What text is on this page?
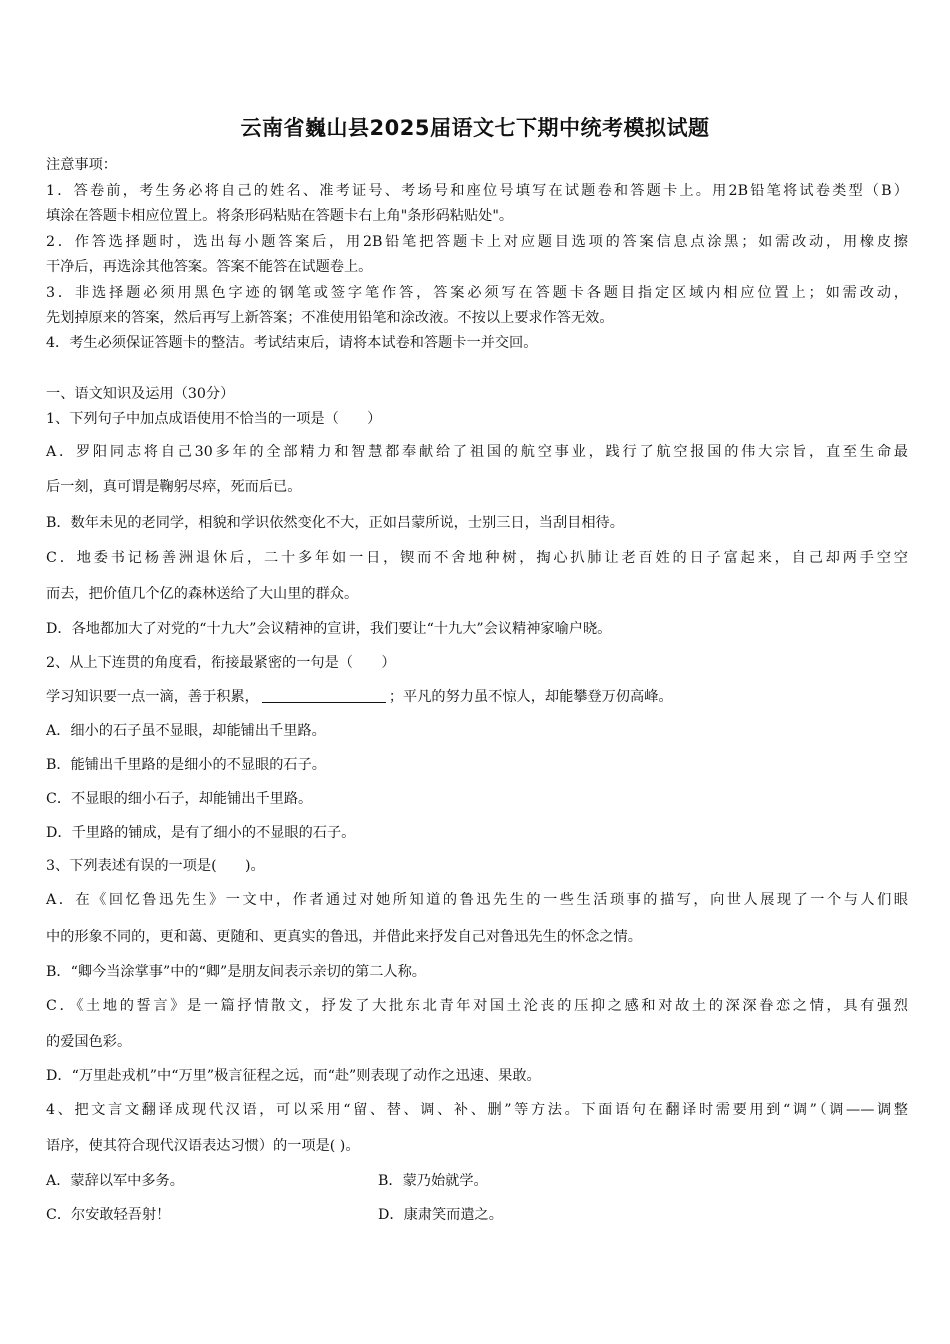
云南省巍山县2025届语文七下期中统考模拟试题
注意事项：
1．答卷前，考生务必将自己的姓名、准考证号、考场号和座位号填写在试题卷和答题卡上。用2B铅笔将试卷类型（B）
填涂在答题卡相应位置上。将条形码粘贴在答题卡右上角"条形码粘贴处"。
2．作答选择题时，选出每小题答案后，用2B铅笔把答题卡上对应题目选项的答案信息点涂黑；如需改动，用橡皮擦
干净后，再选涂其他答案。答案不能答在试题卷上。
3．非选择题必须用黑色字迹的钢笔或签字笔作答，答案必须写在答题卡各题目指定区域内相应位置上；如需改动，
先划掉原来的答案，然后再写上新答案；不准使用铅笔和涂改液。不按以上要求作答无效。
4．考生必须保证答题卡的整洁。考试结束后，请将本试卷和答题卡一并交回。
一、语文知识及运用（30分）
1、下列句子中加点成语使用不恰当的一项是（　　）
A．罗阳同志将自己30多年的全部精力和智慧都奉献给了祖国的航空事业，践行了航空报国的伟大宗旨，直至生命最
后一刻，真可谓是鞠躬尽瘁，死而后已。
B．数年未见的老同学，相貌和学识依然变化不大，正如吕蒙所说，士别三日，当刮目相待。
C．地委书记杨善洲退休后，二十多年如一日，锲而不舍地种树，掏心扒肺让老百姓的日子富起来，自己却两手空空
而去，把价值几个亿的森林送给了大山里的群众。
D．各地都加大了对党的“十九大”会议精神的宣讲，我们要让“十九大”会议精神家喻户晓。
2、从上下连贯的角度看，衔接最紧密的一句是（　　）
学习知识要一点一滴，善于积累，	；平凡的努力虽不惊人，却能攀登万仞高峰。
A．细小的石子虽不显眼，却能铺出千里路。
B．能铺出千里路的是细小的不显眼的石子。
C．不显眼的细小石子，却能铺出千里路。
D．千里路的铺成，是有了细小的不显眼的石子。
3、下列表述有误的一项是(　　)。
A．在《回忆鲁迅先生》一文中，作者通过对她所知道的鲁迅先生的一些生活琐事的描写，向世人展现了一个与人们眼
中的形象不同的，更和蔼、更随和、更真实的鲁迅，并借此来抒发自己对鲁迅先生的怀念之情。
B．“卿今当涂掌事”中的“卿”是朋友间表示亲切的第二人称。
C．《土地的誓言》是一篇抒情散文，抒发了大批东北青年对国土沦丧的压抑之感和对故土的深深眷恋之情，具有强烈
的爱国色彩。
D．“万里赴戎机”中“万里”极言征程之远，而“赴”则表现了动作之迅速、果敢。
4、把文言文翻译成现代汉语，可以采用“留、替、调、补、删”等方法。下面语句在翻译时需要用到“调”（调——调整
语序，使其符合现代汉语表达习惯）的一项是( )。
A．蒙辞以军中多务。	B．蒙乃始就学。
C．尔安敢轻吾射！	D．康肃笑而遣之。
